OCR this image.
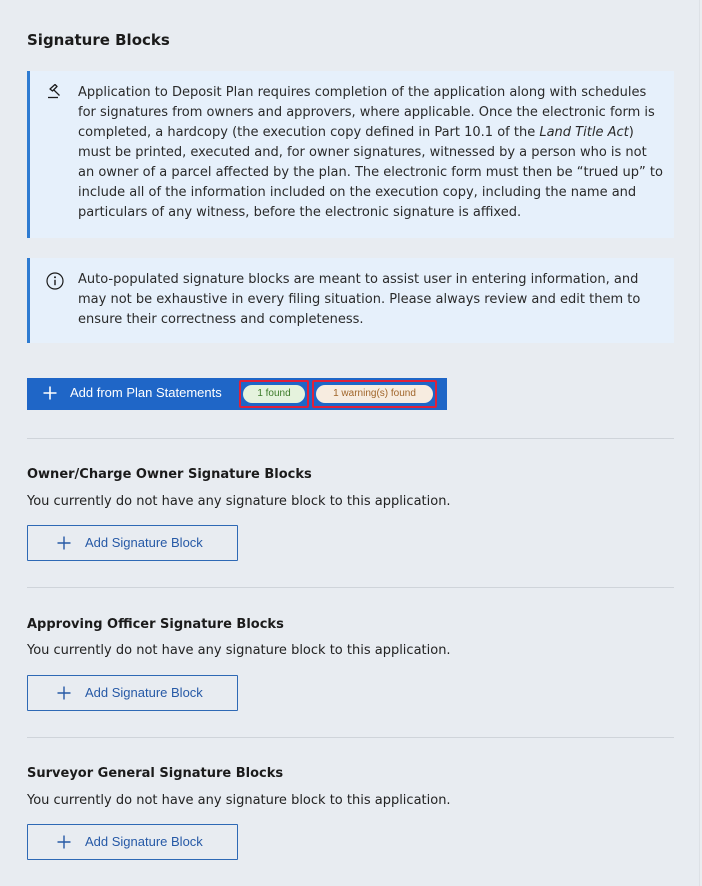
Signature Blocks
Application to Deposit Plan requires completion of the application along with schedules for signatures from owners and approvers, where applicable. Once the electronic form is completed, a hardcopy (the execution copy defined in Part 10.1 of the Land Title Act) must be printed, executed and, for owner signatures, witnessed by a person who is not an owner of a parcel affected by the plan. The electronic form must then be “trued up” to include all of the information included on the execution copy, including the name and particulars of any witness, before the electronic signature is affixed.
Auto-populated signature blocks are meant to assist user in entering information, and may not be exhaustive in every filing situation. Please always review and edit them to ensure their correctness and completeness.
Add from Plan Statements	1 found	1 warning(s) found
Owner/Charge Owner Signature Blocks
You currently do not have any signature block to this application.
Add Signature Block
Approving Officer Signature Blocks
You currently do not have any signature block to this application.
Add Signature Block
Surveyor General Signature Blocks
You currently do not have any signature block to this application.
Add Signature Block
